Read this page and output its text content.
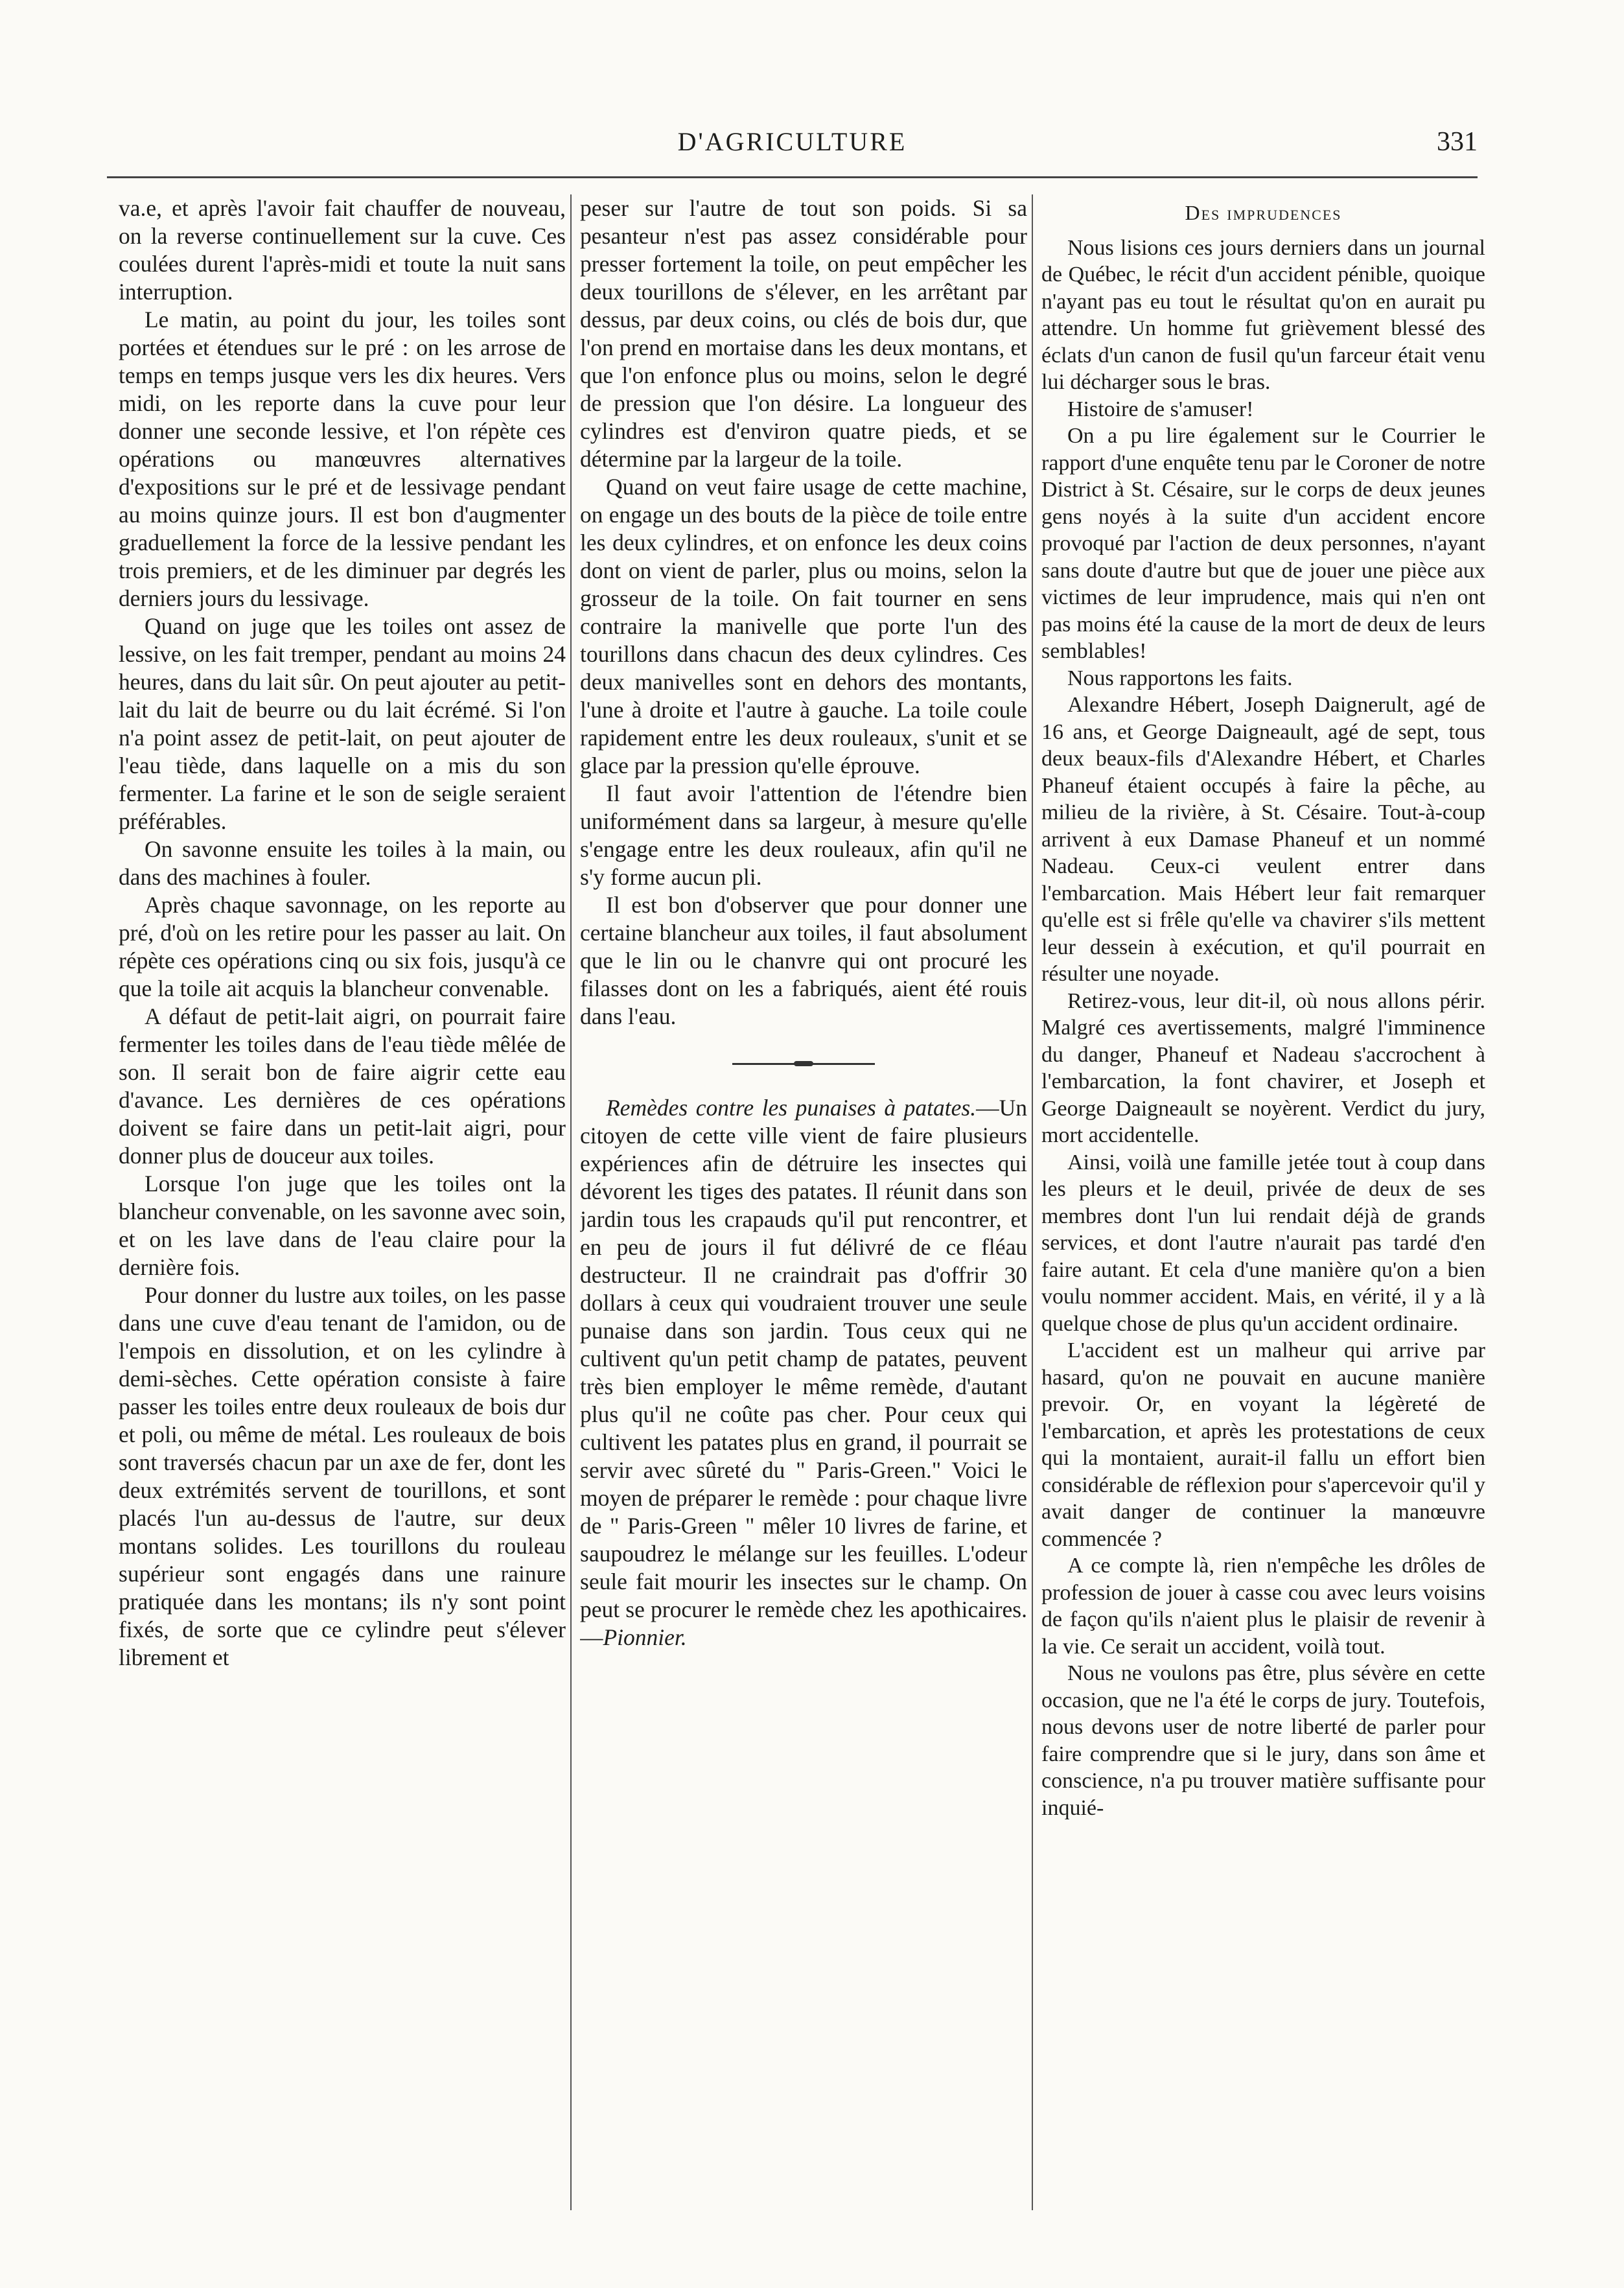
D'AGRICULTURE	331

va.e, et après l'avoir fait chauffer de nouveau, on la reverse continuellement sur la cuve. Ces coulées durent l'après-midi et toute la nuit sans interruption.

Le matin, au point du jour, les toiles sont portées et étendues sur le pré : on les arrose de temps en temps jusque vers les dix heures. Vers midi, on les reporte dans la cuve pour leur donner une seconde lessive, et l'on répète ces opérations ou manœuvres alternatives d'expositions sur le pré et de lessivage pendant au moins quinze jours. Il est bon d'augmenter graduellement la force de la lessive pendant les trois premiers, et de les diminuer par degrés les derniers jours du lessivage.

Quand on juge que les toiles ont assez de lessive, on les fait tremper, pendant au moins 24 heures, dans du lait sûr. On peut ajouter au petit-lait du lait de beurre ou du lait écrémé. Si l'on n'a point assez de petit-lait, on peut ajouter de l'eau tiède, dans laquelle on a mis du son fermenter. La farine et le son de seigle seraient préférables.

On savonne ensuite les toiles à la main, ou dans des machines à fouler.

Après chaque savonnage, on les reporte au pré, d'où on les retire pour les passer au lait. On répète ces opérations cinq ou six fois, jusqu'à ce que la toile ait acquis la blancheur convenable.

A défaut de petit-lait aigri, on pourrait faire fermenter les toiles dans de l'eau tiède mêlée de son. Il serait bon de faire aigrir cette eau d'avance. Les dernières de ces opérations doivent se faire dans un petit-lait aigri, pour donner plus de douceur aux toiles.

Lorsque l'on juge que les toiles ont la blancheur convenable, on les savonne avec soin, et on les lave dans de l'eau claire pour la dernière fois.

Pour donner du lustre aux toiles, on les passe dans une cuve d'eau tenant de l'amidon, ou de l'empois en dissolution, et on les cylindre à demi-sèches. Cette opération consiste à faire passer les toiles entre deux rouleaux de bois dur et poli, ou même de métal. Les rouleaux de bois sont traversés chacun par un axe de fer, dont les deux extrémités servent de tourillons, et sont placés l'un au-dessus de l'autre, sur deux montans solides. Les tourillons du rouleau supérieur sont engagés dans une rainure pratiquée dans les montans; ils n'y sont point fixés, de sorte que ce cylindre peut s'élever librement et

peser sur l'autre de tout son poids. Si sa pesanteur n'est pas assez considérable pour presser fortement la toile, on peut empêcher les deux tourillons de s'élever, en les arrêtant par dessus, par deux coins, ou clés de bois dur, que l'on prend en mortaise dans les deux montans, et que l'on enfonce plus ou moins, selon le degré de pression que l'on désire. La longueur des cylindres est d'environ quatre pieds, et se détermine par la largeur de la toile.

Quand on veut faire usage de cette machine, on engage un des bouts de la pièce de toile entre les deux cylindres, et on enfonce les deux coins dont on vient de parler, plus ou moins, selon la grosseur de la toile. On fait tourner en sens contraire la manivelle que porte l'un des tourillons dans chacun des deux cylindres. Ces deux manivelles sont en dehors des montants, l'une à droite et l'autre à gauche. La toile coule rapidement entre les deux rouleaux, s'unit et se glace par la pression qu'elle éprouve.

Il faut avoir l'attention de l'étendre bien uniformément dans sa largeur, à mesure qu'elle s'engage entre les deux rouleaux, afin qu'il ne s'y forme aucun pli.

Il est bon d'observer que pour donner une certaine blancheur aux toiles, il faut absolument que le lin ou le chanvre qui ont procuré les filasses dont on les a fabriqués, aient été rouis dans l'eau.

Remèdes contre les punaises à patates.—Un citoyen de cette ville vient de faire plusieurs expériences afin de détruire les insectes qui dévorent les tiges des patates. Il réunit dans son jardin tous les crapauds qu'il put rencontrer, et en peu de jours il fut délivré de ce fléau destructeur. Il ne craindrait pas d'offrir 30 dollars à ceux qui voudraient trouver une seule punaise dans son jardin. Tous ceux qui ne cultivent qu'un petit champ de patates, peuvent très bien employer le même remède, d'autant plus qu'il ne coûte pas cher. Pour ceux qui cultivent les patates plus en grand, il pourrait se servir avec sûreté du " Paris-Green." Voici le moyen de préparer le remède : pour chaque livre de " Paris-Green " mêler 10 livres de farine, et saupoudrez le mélange sur les feuilles. L'odeur seule fait mourir les insectes sur le champ. On peut se procurer le remède chez les apothicaires.—Pionnier.

Des imprudences

Nous lisions ces jours derniers dans un journal de Québec, le récit d'un accident pénible, quoique n'ayant pas eu tout le résultat qu'on en aurait pu attendre. Un homme fut grièvement blessé des éclats d'un canon de fusil qu'un farceur était venu lui décharger sous le bras.

Histoire de s'amuser!

On a pu lire également sur le Courrier le rapport d'une enquête tenu par le Coroner de notre District à St. Césaire, sur le corps de deux jeunes gens noyés à la suite d'un accident encore provoqué par l'action de deux personnes, n'ayant sans doute d'autre but que de jouer une pièce aux victimes de leur imprudence, mais qui n'en ont pas moins été la cause de la mort de deux de leurs semblables!

Nous rapportons les faits.

Alexandre Hébert, Joseph Daignerult, agé de 16 ans, et George Daigneault, agé de sept, tous deux beaux-fils d'Alexandre Hébert, et Charles Phaneuf étaient occupés à faire la pêche, au milieu de la rivière, à St. Césaire. Tout-à-coup arrivent à eux Damase Phaneuf et un nommé Nadeau. Ceux-ci veulent entrer dans l'embarcation. Mais Hébert leur fait remarquer qu'elle est si frêle qu'elle va chavirer s'ils mettent leur dessein à exécution, et qu'il pourrait en résulter une noyade.

Retirez-vous, leur dit-il, où nous allons périr. Malgré ces avertissements, malgré l'imminence du danger, Phaneuf et Nadeau s'accrochent à l'embarcation, la font chavirer, et Joseph et George Daigneault se noyèrent. Verdict du jury, mort accidentelle.

Ainsi, voilà une famille jetée tout à coup dans les pleurs et le deuil, privée de deux de ses membres dont l'un lui rendait déjà de grands services, et dont l'autre n'aurait pas tardé d'en faire autant. Et cela d'une manière qu'on a bien voulu nommer accident. Mais, en vérité, il y a là quelque chose de plus qu'un accident ordinaire.

L'accident est un malheur qui arrive par hasard, qu'on ne pouvait en aucune manière prevoir. Or, en voyant la légèreté de l'embarcation, et après les protestations de ceux qui la montaient, aurait-il fallu un effort bien considérable de réflexion pour s'apercevoir qu'il y avait danger de continuer la manœuvre commencée ?

A ce compte là, rien n'empêche les drôles de profession de jouer à casse cou avec leurs voisins de façon qu'ils n'aient plus le plaisir de revenir à la vie. Ce serait un accident, voilà tout.

Nous ne voulons pas être, plus sévère en cette occasion, que ne l'a été le corps de jury. Toutefois, nous devons user de notre liberté de parler pour faire comprendre que si le jury, dans son âme et conscience, n'a pu trouver matière suffisante pour inquié-
